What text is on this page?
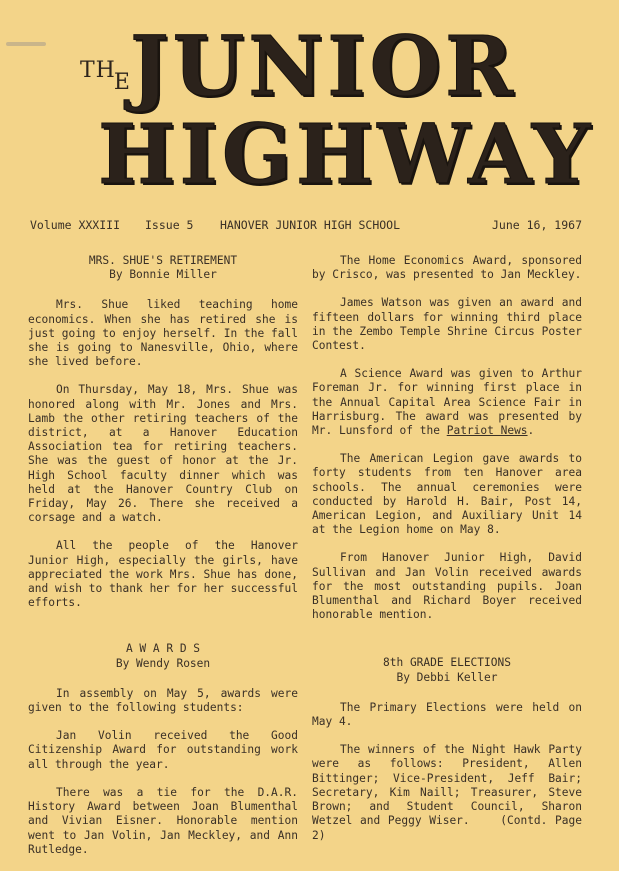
THE JUNIOR
HIGHWAY
Volume XXXIII Issue 5 HANOVER JUNIOR HIGH SCHOOL	June 16, 1967
MRS. SHUE'S RETIREMENT
By Bonnie Miller

Mrs. Shue liked teaching home economics. When she has retired she is just going to enjoy herself. In the fall she is going to Nanesville, Ohio, where she lived before.

On Thursday, May 18, Mrs. Shue was honored along with Mr. Jones and Mrs. Lamb the other retiring teachers of the district, at a Hanover Education Association tea for retiring teachers. She was the guest of honor at the Jr. High School faculty dinner which was held at the Hanover Country Club on Friday, May 26. There she received a corsage and a watch.

All the people of the Hanover Junior High, especially the girls, have appreciated the work Mrs. Shue has done, and wish to thank her for her successful efforts.

A W A R D S
By Wendy Rosen

In assembly on May 5, awards were given to the following students:

Jan Volin received the Good Citizenship Award for outstanding work all through the year.

There was a tie for the D.A.R. History Award between Joan Blumenthal and Vivian Eisner. Honorable mention went to Jan Volin, Jan Meckley, and Ann Rutledge.

The Home Economics Award, sponsored by Crisco, was presented to Jan Meckley.

James Watson was given an award and fifteen dollars for winning third place in the Zembo Temple Shrine Circus Poster Contest.

A Science Award was given to Arthur Foreman Jr. for winning first place in the Annual Capital Area Science Fair in Harrisburg. The award was presented by Mr. Lunsford of the Patriot News.

The American Legion gave awards to forty students from ten Hanover area schools. The annual ceremonies were conducted by Harold H. Bair, Post 14, American Legion, and Auxiliary Unit 14 at the Legion home on May 8.

From Hanover Junior High, David Sullivan and Jan Volin received awards for the most outstanding pupils. Joan Blumenthal and Richard Boyer received honorable mention.

8th GRADE ELECTIONS
By Debbi Keller

The Primary Elections were held on May 4.

The winners of the Night Hawk Party were as follows: President, Allen Bittinger; Vice-President, Jeff Bair; Secretary, Kim Naill; Treasurer, Steve Brown; and Student Council, Sharon Wetzel and Peggy Wiser.	(Contd. Page 2)
